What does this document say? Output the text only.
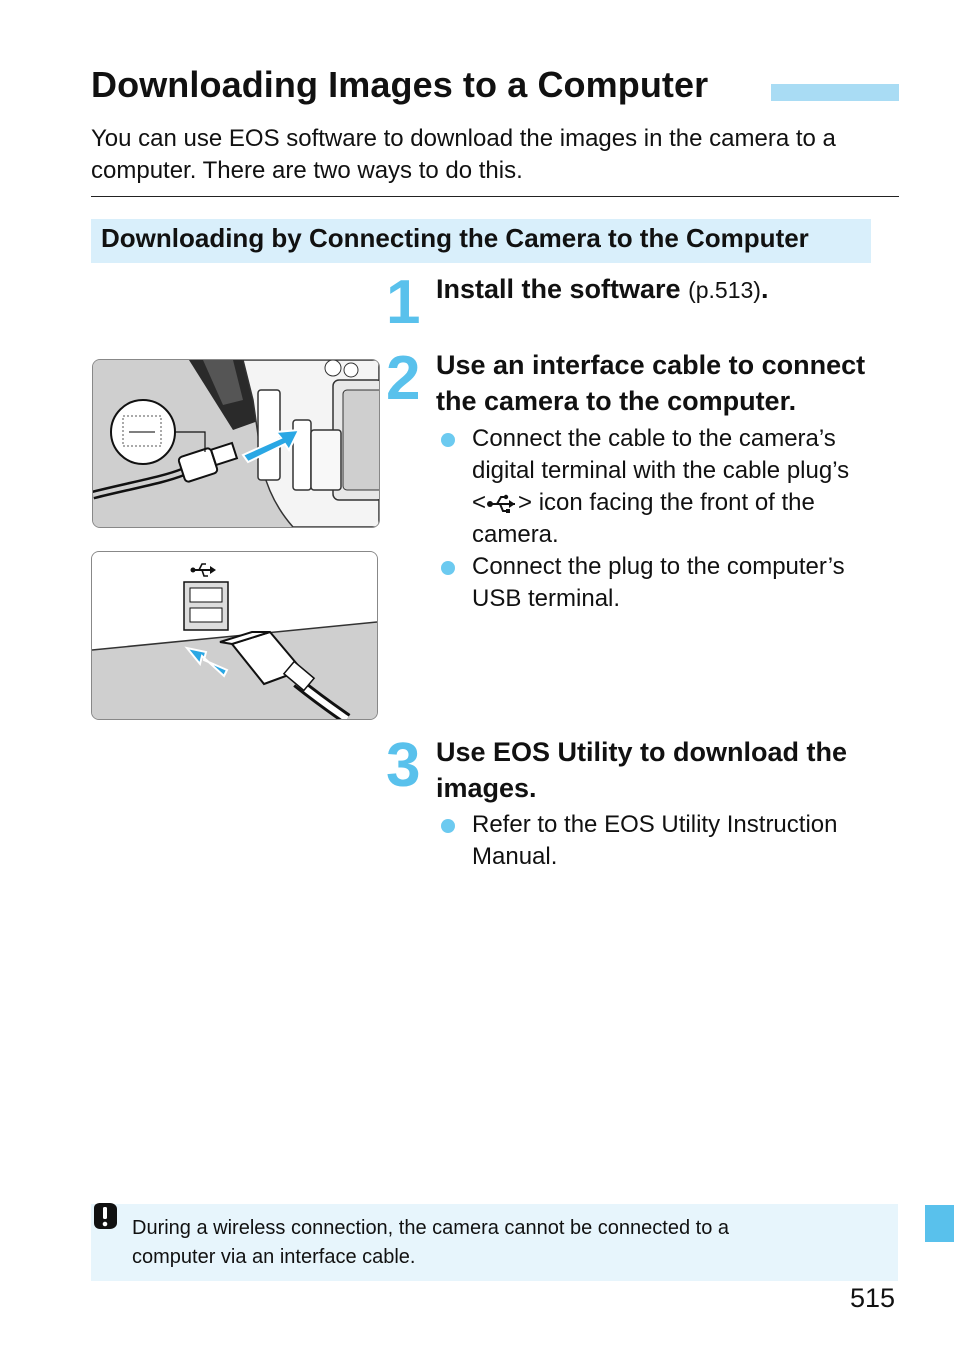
Downloading Images to a Computer

You can use EOS software to download the images in the camera to a computer. There are two ways to do this.

Downloading by Connecting the Camera to the Computer
1 Install the software (p.513).
2 Use an interface cable to connect
the camera to the computer.
Connect the cable to the camera’s
digital terminal with the cable plug’s
< > icon facing the front of the
camera.
Connect the plug to the computer’s
USB terminal.
3 Use EOS Utility to download the
images.
Refer to the EOS Utility Instruction
Manual.
During a wireless connection, the camera cannot be connected to a
computer via an interface cable.
515
